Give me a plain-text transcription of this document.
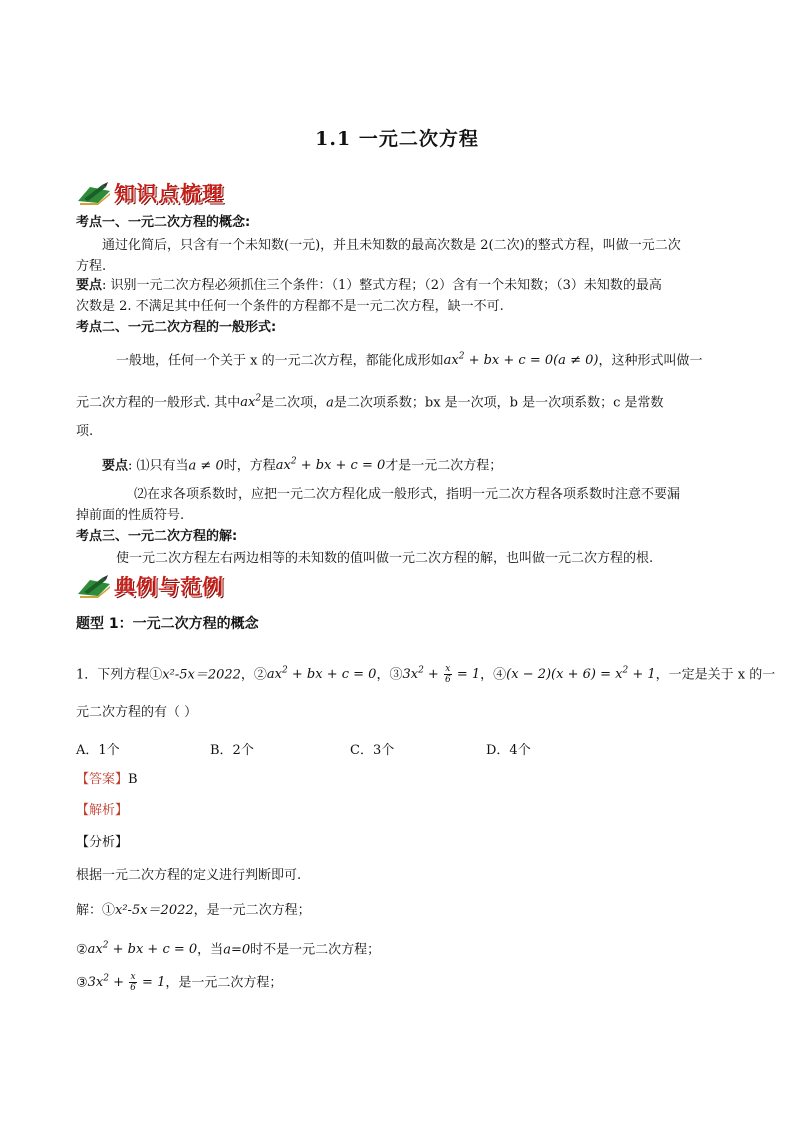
1.1 一元二次方程
知识点梳理
考点一、一元二次方程的概念:
通过化简后，只含有一个未知数(一元)，并且未知数的最高次数是 2(二次)的整式方程，叫做一元二次
方程.
要点: 识别一元二次方程必须抓住三个条件：（1）整式方程；（2）含有一个未知数；（3）未知数的最高
次数是 2. 不满足其中任何一个条件的方程都不是一元二次方程，缺一不可.
考点二、一元二次方程的一般形式:
一般地，任何一个关于 x 的一元二次方程，都能化成形如$ax^2$ + bx + c = 0(a ≠ 0)，这种形式叫做一
元二次方程的一般形式. 其中$ax^2$是二次项，a是二次项系数；bx 是一次项，b 是一次项系数；c 是常数
项.
要点: ⑴只有当a ≠ 0时，方程$ax^2$ + bx + c = 0才是一元二次方程；
⑵在求各项系数时，应把一元二次方程化成一般形式，指明一元二次方程各项系数时注意不要漏
掉前面的性质符号.
考点三、一元二次方程的解:
使一元二次方程左右两边相等的未知数的值叫做一元二次方程的解，也叫做一元二次方程的根.
典例与范例
题型 1：一元二次方程的概念
1．下列方程①x²-5x＝2022，$②ax^2$ + bx + c = 0，$③3x^2 + \frac{x}{6} = 1$，④(x − $2)(x + 6) = x^2 + 1$，一定是关于 x 的一
元二次方程的有（ ）
A．1个	B．2个	C．3个	D．4个
【答案】B
【解析】
【分析】
根据一元二次方程的定义进行判断即可.
解：①x²-5x＝2022，是一元二次方程；
$②ax^2$ + bx + c = 0，当a=0时不是一元二次方程；
$③3x^2 + \frac{x}{6} = 1$，是一元二次方程；
